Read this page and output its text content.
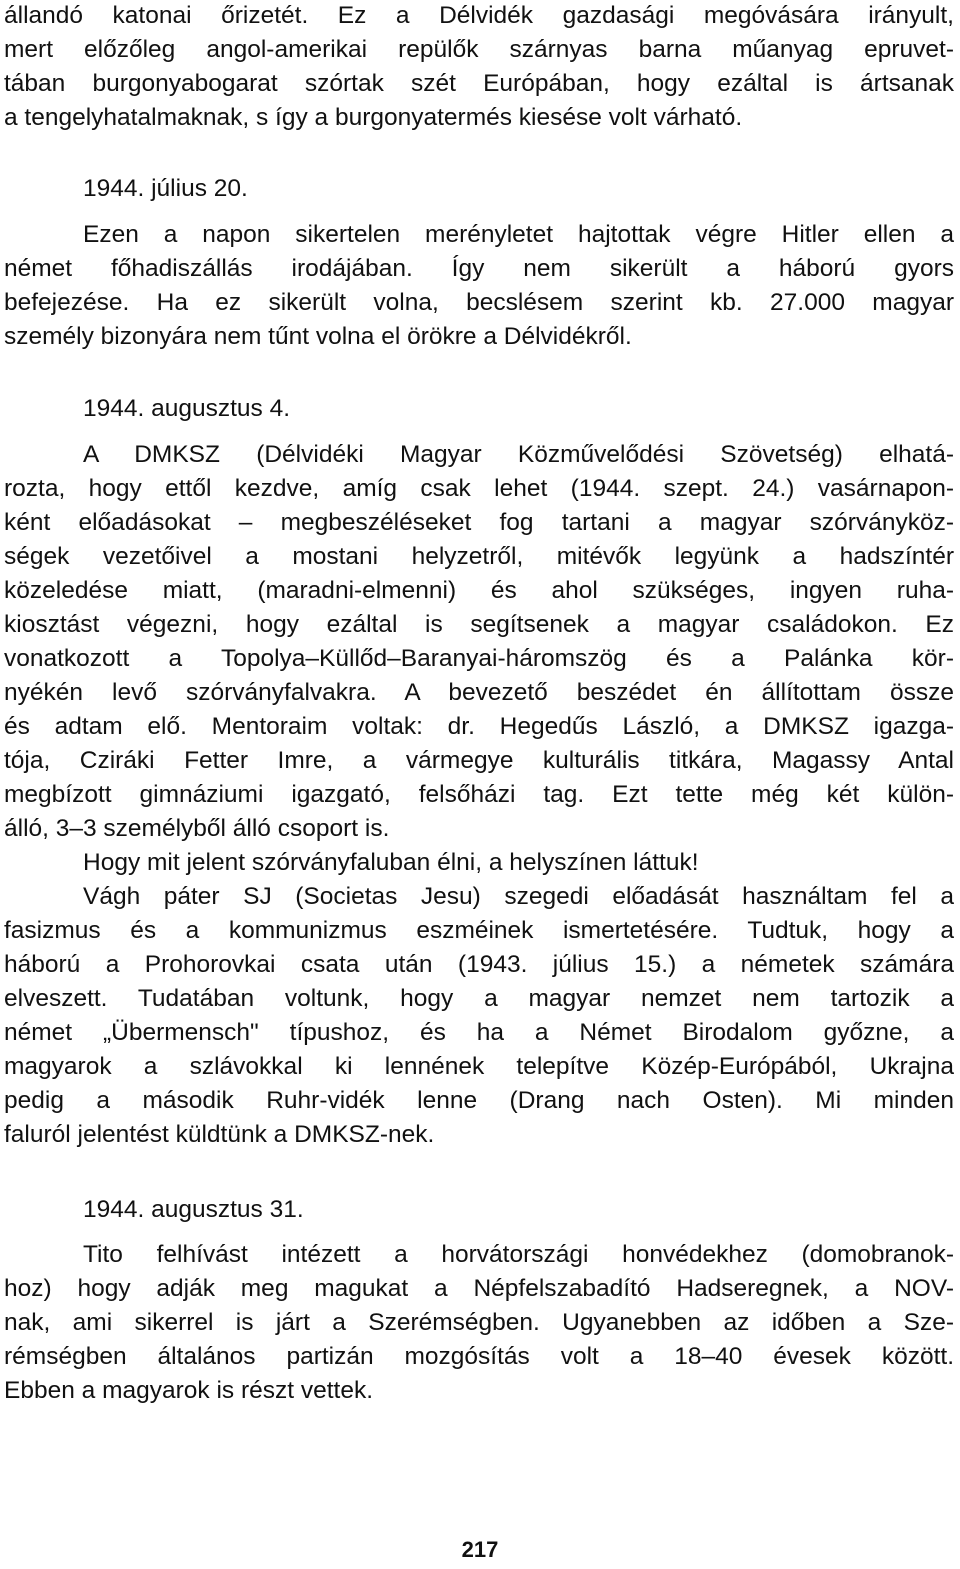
állandó katonai őrizetét. Ez a Délvidék gazdasági megóvására irányult,
mert előzőleg angol-amerikai repülők szárnyas barna műanyag epruvet-
tában burgonyabogarat szórtak szét Európában, hogy ezáltal is ártsanak
a tengelyhatalmaknak, s így a burgonyatermés kiesése volt várható.
1944. július 20.
Ezen a napon sikertelen merényletet hajtottak végre Hitler ellen a
német főhadiszállás irodájában. Így nem sikerült a háború gyors
befejezése. Ha ez sikerült volna, becslésem szerint kb. 27.000 magyar
személy bizonyára nem tűnt volna el örökre a Délvidékről.
1944. augusztus 4.
A DMKSZ (Délvidéki Magyar Közművelődési Szövetség) elhatá-
rozta, hogy ettől kezdve, amíg csak lehet (1944. szept. 24.) vasárnapon-
ként előadásokat – megbeszéléseket fog tartani a magyar szórványköz-
ségek vezetőivel a mostani helyzetről, mitévők legyünk a hadszíntér
közeledése miatt, (maradni-elmenni) és ahol szükséges, ingyen ruha-
kiosztást végezni, hogy ezáltal is segítsenek a magyar családokon. Ez
vonatkozott a Topolya–Küllőd–Baranyai-háromszög és a Palánka kör-
nyékén levő szórványfalvakra. A bevezető beszédet én állítottam össze
és adtam elő. Mentoraim voltak: dr. Hegedűs László, a DMKSZ igazga-
tója, Cziráki Fetter Imre, a vármegye kulturális titkára, Magassy Antal
megbízott gimnáziumi igazgató, felsőházi tag. Ezt tette még két külön-
álló, 3–3 személyből álló csoport is.
Hogy mit jelent szórványfaluban élni, a helyszínen láttuk!
Vágh páter SJ (Societas Jesu) szegedi előadását használtam fel a
fasizmus és a kommunizmus eszméinek ismertetésére. Tudtuk, hogy a
háború a Prohorovkai csata után (1943. július 15.) a németek számára
elveszett. Tudatában voltunk, hogy a magyar nemzet nem tartozik a
német „Übermensch" típushoz, és ha a Német Birodalom győzne, a
magyarok a szlávokkal ki lennének telepítve Közép-Európából, Ukrajna
pedig a második Ruhr-vidék lenne (Drang nach Osten). Mi minden
faluról jelentést küldtünk a DMKSZ-nek.
1944. augusztus 31.
Tito felhívást intézett a horvátországi honvédekhez (domobranok-
hoz) hogy adják meg magukat a Népfelszabadító Hadseregnek, a NOV-
nak, ami sikerrel is járt a Szerémségben. Ugyanebben az időben a Sze-
rémségben általános partizán mozgósítás volt a 18–40 évesek között.
Ebben a magyarok is részt vettek.
217
